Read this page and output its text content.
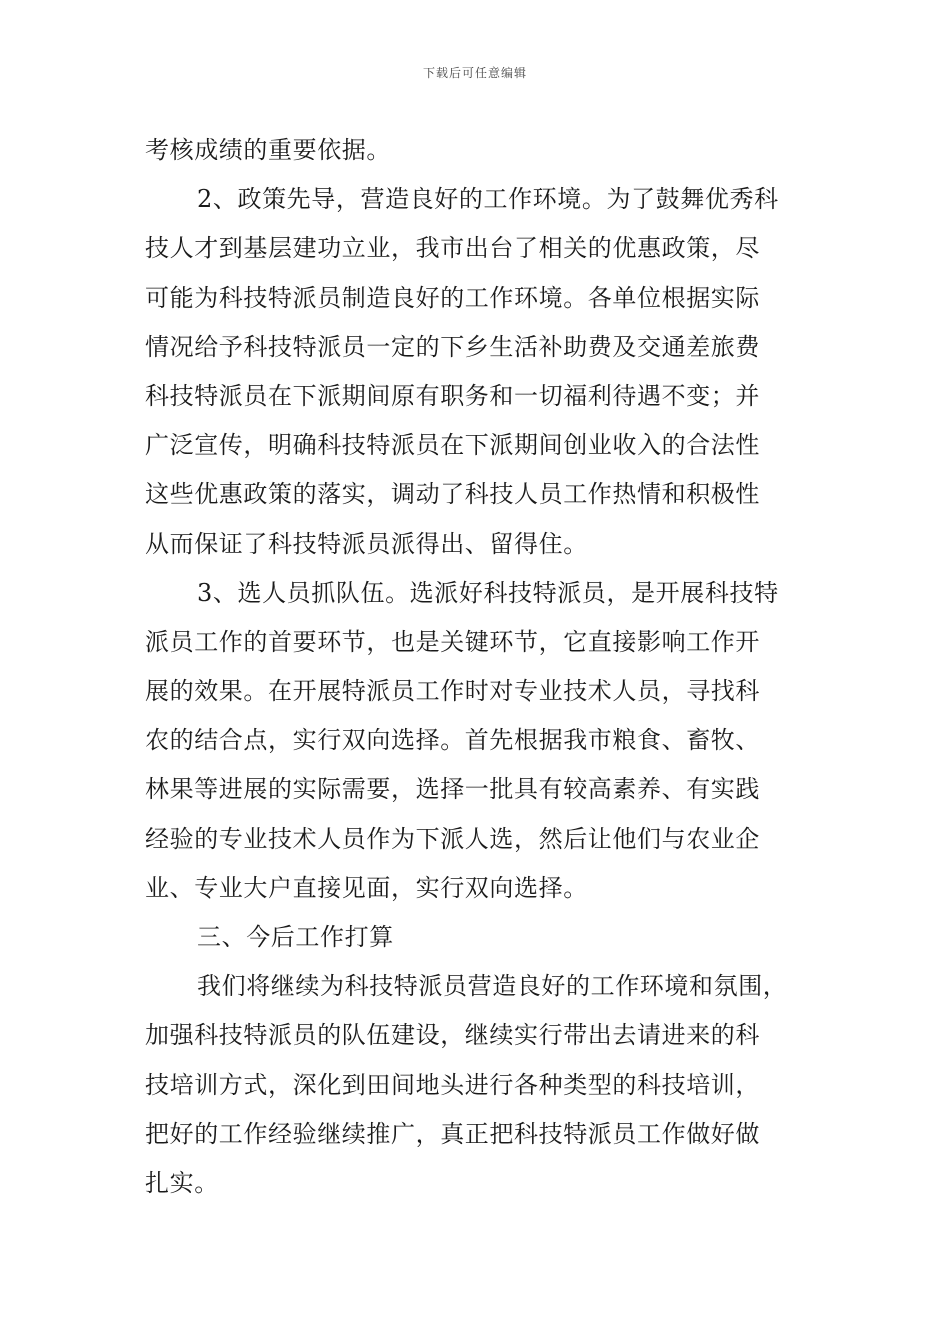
下载后可任意编辑
考核成绩的重要依据。
2、政策先导，营造良好的工作环境。为了鼓舞优秀科
技人才到基层建功立业，我市出台了相关的优惠政策，尽
可能为科技特派员制造良好的工作环境。各单位根据实际
情况给予科技特派员一定的下乡生活补助费及交通差旅费
科技特派员在下派期间原有职务和一切福利待遇不变；并
广泛宣传，明确科技特派员在下派期间创业收入的合法性
这些优惠政策的落实，调动了科技人员工作热情和积极性
从而保证了科技特派员派得出、留得住。
3、选人员抓队伍。选派好科技特派员，是开展科技特
派员工作的首要环节，也是关键环节，它直接影响工作开
展的效果。在开展特派员工作时对专业技术人员，寻找科
农的结合点，实行双向选择。首先根据我市粮食、畜牧、
林果等进展的实际需要，选择一批具有较高素养、有实践
经验的专业技术人员作为下派人选，然后让他们与农业企
业、专业大户直接见面，实行双向选择。
三、今后工作打算
我们将继续为科技特派员营造良好的工作环境和氛围，
加强科技特派员的队伍建设，继续实行带出去请进来的科
技培训方式，深化到田间地头进行各种类型的科技培训，
把好的工作经验继续推广，真正把科技特派员工作做好做
扎实。
